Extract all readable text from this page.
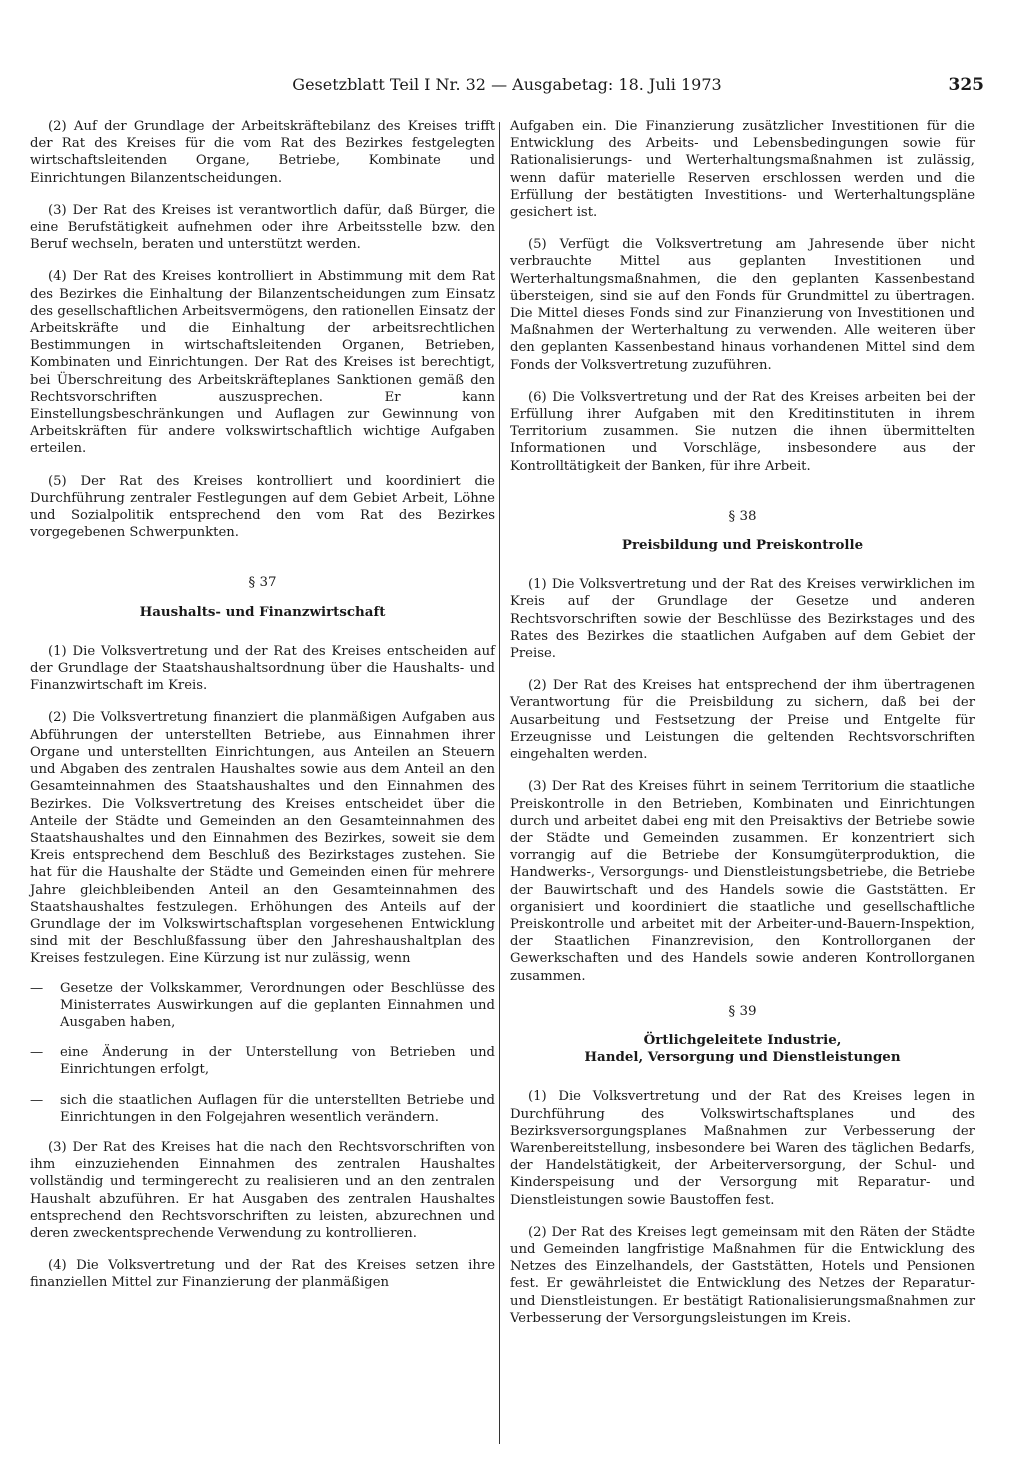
Gesetzblatt Teil I Nr. 32 — Ausgabetag: 18. Juli 1973	325

(2) Auf der Grundlage der Arbeitskräftebilanz des Kreises trifft der Rat des Kreises für die vom Rat des Bezirkes festgelegten wirtschaftsleitenden Organe, Betriebe, Kombinate und Einrichtungen Bilanzentscheidungen.

(3) Der Rat des Kreises ist verantwortlich dafür, daß Bürger, die eine Berufstätigkeit aufnehmen oder ihre Arbeitsstelle bzw. den Beruf wechseln, beraten und unterstützt werden.

(4) Der Rat des Kreises kontrolliert in Abstimmung mit dem Rat des Bezirkes die Einhaltung der Bilanzentscheidungen zum Einsatz des gesellschaftlichen Arbeitsvermögens, den rationellen Einsatz der Arbeitskräfte und die Einhaltung der arbeitsrechtlichen Bestimmungen in wirtschaftsleitenden Organen, Betrieben, Kombinaten und Einrichtungen. Der Rat des Kreises ist berechtigt, bei Überschreitung des Arbeitskräfteplanes Sanktionen gemäß den Rechtsvorschriften auszusprechen. Er kann Einstellungsbeschränkungen und Auflagen zur Gewinnung von Arbeitskräften für andere volkswirtschaftlich wichtige Aufgaben erteilen.

(5) Der Rat des Kreises kontrolliert und koordiniert die Durchführung zentraler Festlegungen auf dem Gebiet Arbeit, Löhne und Sozialpolitik entsprechend den vom Rat des Bezirkes vorgegebenen Schwerpunkten.

§ 37
Haushalts- und Finanzwirtschaft

(1) Die Volksvertretung und der Rat des Kreises entscheiden auf der Grundlage der Staatshaushaltsordnung über die Haushalts- und Finanzwirtschaft im Kreis.

(2) Die Volksvertretung finanziert die planmäßigen Aufgaben aus Abführungen der unterstellten Betriebe, aus Einnahmen ihrer Organe und unterstellten Einrichtungen, aus Anteilen an Steuern und Abgaben des zentralen Haushaltes sowie aus dem Anteil an den Gesamteinnahmen des Staatshaushaltes und den Einnahmen des Bezirkes. Die Volksvertretung des Kreises entscheidet über die Anteile der Städte und Gemeinden an den Gesamteinnahmen des Staatshaushaltes und den Einnahmen des Bezirkes, soweit sie dem Kreis entsprechend dem Beschluß des Bezirkstages zustehen. Sie hat für die Haushalte der Städte und Gemeinden einen für mehrere Jahre gleichbleibenden Anteil an den Gesamteinnahmen des Staatshaushaltes festzulegen. Erhöhungen des Anteils auf der Grundlage der im Volkswirtschaftsplan vorgesehenen Entwicklung sind mit der Beschlußfassung über den Jahreshaushaltplan des Kreises festzulegen. Eine Kürzung ist nur zulässig, wenn

— Gesetze der Volkskammer, Verordnungen oder Beschlüsse des Ministerrates Auswirkungen auf die geplanten Einnahmen und Ausgaben haben,
— eine Änderung in der Unterstellung von Betrieben und Einrichtungen erfolgt,
— sich die staatlichen Auflagen für die unterstellten Betriebe und Einrichtungen in den Folgejahren wesentlich verändern.

(3) Der Rat des Kreises hat die nach den Rechtsvorschriften von ihm einzuziehenden Einnahmen des zentralen Haushaltes vollständig und termingerecht zu realisieren und an den zentralen Haushalt abzuführen. Er hat Ausgaben des zentralen Haushaltes entsprechend den Rechtsvorschriften zu leisten, abzurechnen und deren zweckentsprechende Verwendung zu kontrollieren.

(4) Die Volksvertretung und der Rat des Kreises setzen ihre finanziellen Mittel zur Finanzierung der planmäßigen

Aufgaben ein. Die Finanzierung zusätzlicher Investitionen für die Entwicklung des Arbeits- und Lebensbedingungen sowie für Rationalisierungs- und Werterhaltungsmaßnahmen ist zulässig, wenn dafür materielle Reserven erschlossen werden und die Erfüllung der bestätigten Investitions- und Werterhaltungspläne gesichert ist.

(5) Verfügt die Volksvertretung am Jahresende über nicht verbrauchte Mittel aus geplanten Investitionen und Werterhaltungsmaßnahmen, die den geplanten Kassenbestand übersteigen, sind sie auf den Fonds für Grundmittel zu übertragen. Die Mittel dieses Fonds sind zur Finanzierung von Investitionen und Maßnahmen der Werterhaltung zu verwenden. Alle weiteren über den geplanten Kassenbestand hinaus vorhandenen Mittel sind dem Fonds der Volksvertretung zuzuführen.

(6) Die Volksvertretung und der Rat des Kreises arbeiten bei der Erfüllung ihrer Aufgaben mit den Kreditinstituten in ihrem Territorium zusammen. Sie nutzen die ihnen übermittelten Informationen und Vorschläge, insbesondere aus der Kontrolltätigkeit der Banken, für ihre Arbeit.

§ 38
Preisbildung und Preiskontrolle

(1) Die Volksvertretung und der Rat des Kreises verwirklichen im Kreis auf der Grundlage der Gesetze und anderen Rechtsvorschriften sowie der Beschlüsse des Bezirkstages und des Rates des Bezirkes die staatlichen Aufgaben auf dem Gebiet der Preise.

(2) Der Rat des Kreises hat entsprechend der ihm übertragenen Verantwortung für die Preisbildung zu sichern, daß bei der Ausarbeitung und Festsetzung der Preise und Entgelte für Erzeugnisse und Leistungen die geltenden Rechtsvorschriften eingehalten werden.

(3) Der Rat des Kreises führt in seinem Territorium die staatliche Preiskontrolle in den Betrieben, Kombinaten und Einrichtungen durch und arbeitet dabei eng mit den Preisaktivs der Betriebe sowie der Städte und Gemeinden zusammen. Er konzentriert sich vorrangig auf die Betriebe der Konsumgüterproduktion, die Handwerks-, Versorgungs- und Dienstleistungsbetriebe, die Betriebe der Bauwirtschaft und des Handels sowie die Gaststätten. Er organisiert und koordiniert die staatliche und gesellschaftliche Preiskontrolle und arbeitet mit der Arbeiter-und-Bauern-Inspektion, der Staatlichen Finanzrevision, den Kontrollorganen der Gewerkschaften und des Handels sowie anderen Kontrollorganen zusammen.

§ 39
Örtlichgeleitete Industrie,
Handel, Versorgung und Dienstleistungen

(1) Die Volksvertretung und der Rat des Kreises legen in Durchführung des Volkswirtschaftsplanes und des Bezirksversorgungsplanes Maßnahmen zur Verbesserung der Warenbereitstellung, insbesondere bei Waren des täglichen Bedarfs, der Handelstätigkeit, der Arbeiterversorgung, der Schul- und Kinderspeisung und der Versorgung mit Reparatur- und Dienstleistungen sowie Baustoffen fest.

(2) Der Rat des Kreises legt gemeinsam mit den Räten der Städte und Gemeinden langfristige Maßnahmen für die Entwicklung des Netzes des Einzelhandels, der Gaststätten, Hotels und Pensionen fest. Er gewährleistet die Entwicklung des Netzes der Reparatur- und Dienstleistungen. Er bestätigt Rationalisierungsmaßnahmen zur Verbesserung der Versorgungsleistungen im Kreis.
